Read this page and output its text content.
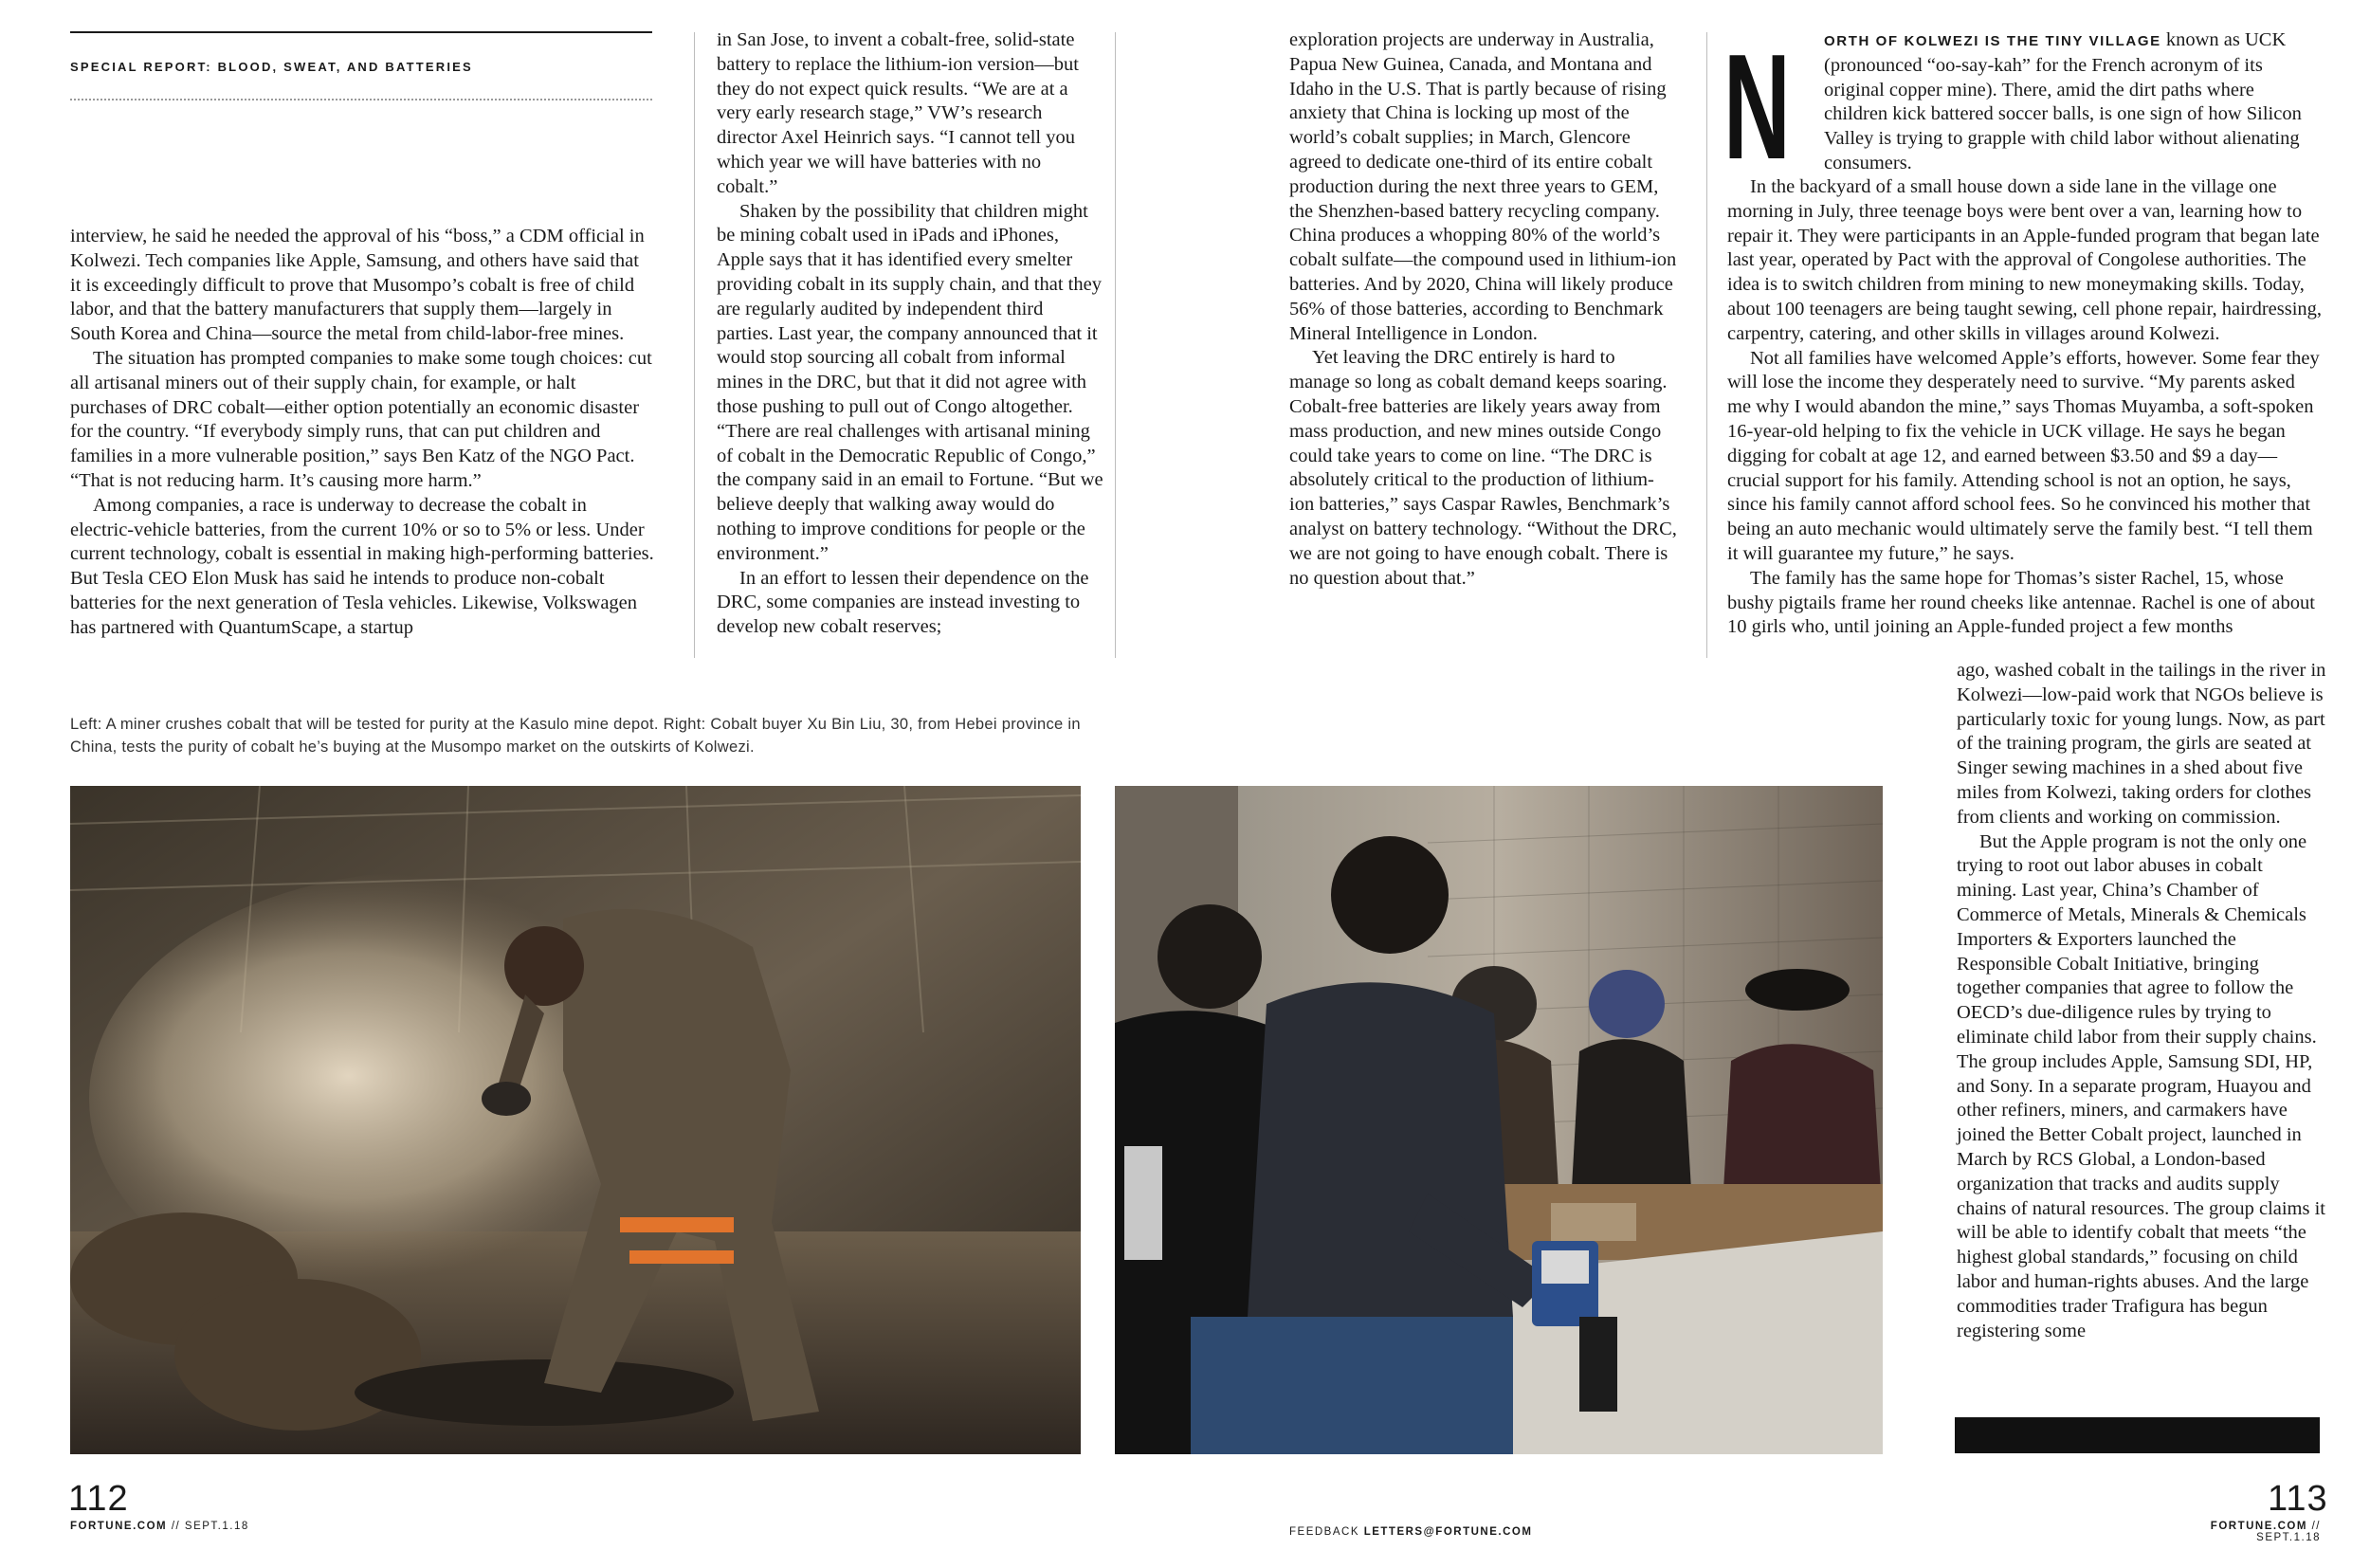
SPECIAL REPORT: BLOOD, SWEAT, AND BATTERIES

interview, he said he needed the approval of his “boss,” a CDM official in Kolwezi. Tech companies like Apple, Samsung, and others have said that it is exceedingly difficult to prove that Musompo’s cobalt is free of child labor, and that the battery manufacturers that supply them—largely in South Korea and China—source the metal from child-labor-free mines.

The situation has prompted companies to make some tough choices: cut all artisanal miners out of their supply chain, for example, or halt purchases of DRC cobalt—either option potentially an economic disaster for the country. “If everybody simply runs, that can put children and families in a more vulnerable position,” says Ben Katz of the NGO Pact. “That is not reducing harm. It’s causing more harm.”

Among companies, a race is underway to decrease the cobalt in electric-vehicle batteries, from the current 10% or so to 5% or less. Under current technology, cobalt is essential in making high-performing batteries. But Tesla CEO Elon Musk has said he intends to produce non-cobalt batteries for the next generation of Tesla vehicles. Likewise, Volkswagen has partnered with QuantumScape, a startup

in San Jose, to invent a cobalt-free, solid-state battery to replace the lithium-ion version—but they do not expect quick results. “We are at a very early research stage,” VW’s research director Axel Heinrich says. “I cannot tell you which year we will have batteries with no cobalt.”

Shaken by the possibility that children might be mining cobalt used in iPads and iPhones, Apple says that it has identified every smelter providing cobalt in its supply chain, and that they are regularly audited by independent third parties. Last year, the company announced that it would stop sourcing all cobalt from informal mines in the DRC, but that it did not agree with those pushing to pull out of Congo altogether. “There are real challenges with artisanal mining of cobalt in the Democratic Republic of Congo,” the company said in an email to Fortune. “But we believe deeply that walking away would do nothing to improve conditions for people or the environment.”

In an effort to lessen their dependence on the DRC, some companies are instead investing to develop new cobalt reserves;

Left: A miner crushes cobalt that will be tested for purity at the Kasulo mine depot. Right: Cobalt buyer Xu Bin Liu, 30, from Hebei province in China, tests the purity of cobalt he’s buying at the Musompo market on the outskirts of Kolwezi.
112
FORTUNE.COM // SEPT.1.18

exploration projects are underway in Australia, Papua New Guinea, Canada, and Montana and Idaho in the U.S. That is partly because of rising anxiety that China is locking up most of the world’s cobalt supplies; in March, Glencore agreed to dedicate one-third of its entire cobalt production during the next three years to GEM, the Shenzhen-based battery recycling company. China produces a whopping 80% of the world’s cobalt sulfate—the compound used in lithium-ion batteries. And by 2020, China will likely produce 56% of those batteries, according to Benchmark Mineral Intelligence in London.

Yet leaving the DRC entirely is hard to manage so long as cobalt demand keeps soaring. Cobalt-free batteries are likely years away from mass production, and new mines outside Congo could take years to come on line. “The DRC is absolutely critical to the production of lithium-ion batteries,” says Caspar Rawles, Benchmark’s analyst on battery technology. “Without the DRC, we are not going to have enough cobalt. There is no question about that.”

N ORTH OF KOLWEZI IS THE TINY VILLAGE known as UCK (pronounced “oo-say-kah” for the French acronym of its original copper mine). There, amid the dirt paths where children kick battered soccer balls, is one sign of how Silicon Valley is trying to grapple with child labor without alienating consumers.

In the backyard of a small house down a side lane in the village one morning in July, three teenage boys were bent over a van, learning how to repair it. They were participants in an Apple-funded program that began late last year, operated by Pact with the approval of Congolese authorities. The idea is to switch children from mining to new moneymaking skills. Today, about 100 teenagers are being taught sewing, cell phone repair, hairdressing, carpentry, catering, and other skills in villages around Kolwezi.

Not all families have welcomed Apple’s efforts, however. Some fear they will lose the income they desperately need to survive. “My parents asked me why I would abandon the mine,” says Thomas Muyamba, a soft-spoken 16-year-old helping to fix the vehicle in UCK village. He says he began digging for cobalt at age 12, and earned between $3.50 and $9 a day—crucial support for his family. Attending school is not an option, he says, since his family cannot afford school fees. So he convinced his mother that being an auto mechanic would ultimately serve the family best. “I tell them it will guarantee my future,” he says.

The family has the same hope for Thomas’s sister Rachel, 15, whose bushy pigtails frame her round cheeks like antennae. Rachel is one of about 10 girls who, until joining an Apple-funded project a few months

ago, washed cobalt in the tailings in the river in Kolwezi—low-paid work that NGOs believe is particularly toxic for young lungs. Now, as part of the training program, the girls are seated at Singer sewing machines in a shed about five miles from Kolwezi, taking orders for clothes from clients and working on commission.

But the Apple program is not the only one trying to root out labor abuses in cobalt mining. Last year, China’s Chamber of Commerce of Metals, Minerals & Chemicals Importers & Exporters launched the Responsible Cobalt Initiative, bringing together companies that agree to follow the OECD’s due-diligence rules by trying to eliminate child labor from their supply chains. The group includes Apple, Samsung SDI, HP, and Sony. In a separate program, Huayou and other refiners, miners, and carmakers have joined the Better Cobalt project, launched in March by RCS Global, a London-based organization that tracks and audits supply chains of natural resources. The group claims it will be able to identify cobalt that meets “the highest global standards,” focusing on child labor and human-rights abuses. And the large commodities trader Trafigura has begun registering some

FEEDBACK LETTERS@FORTUNE.COM
113
FORTUNE.COM // SEPT.1.18
